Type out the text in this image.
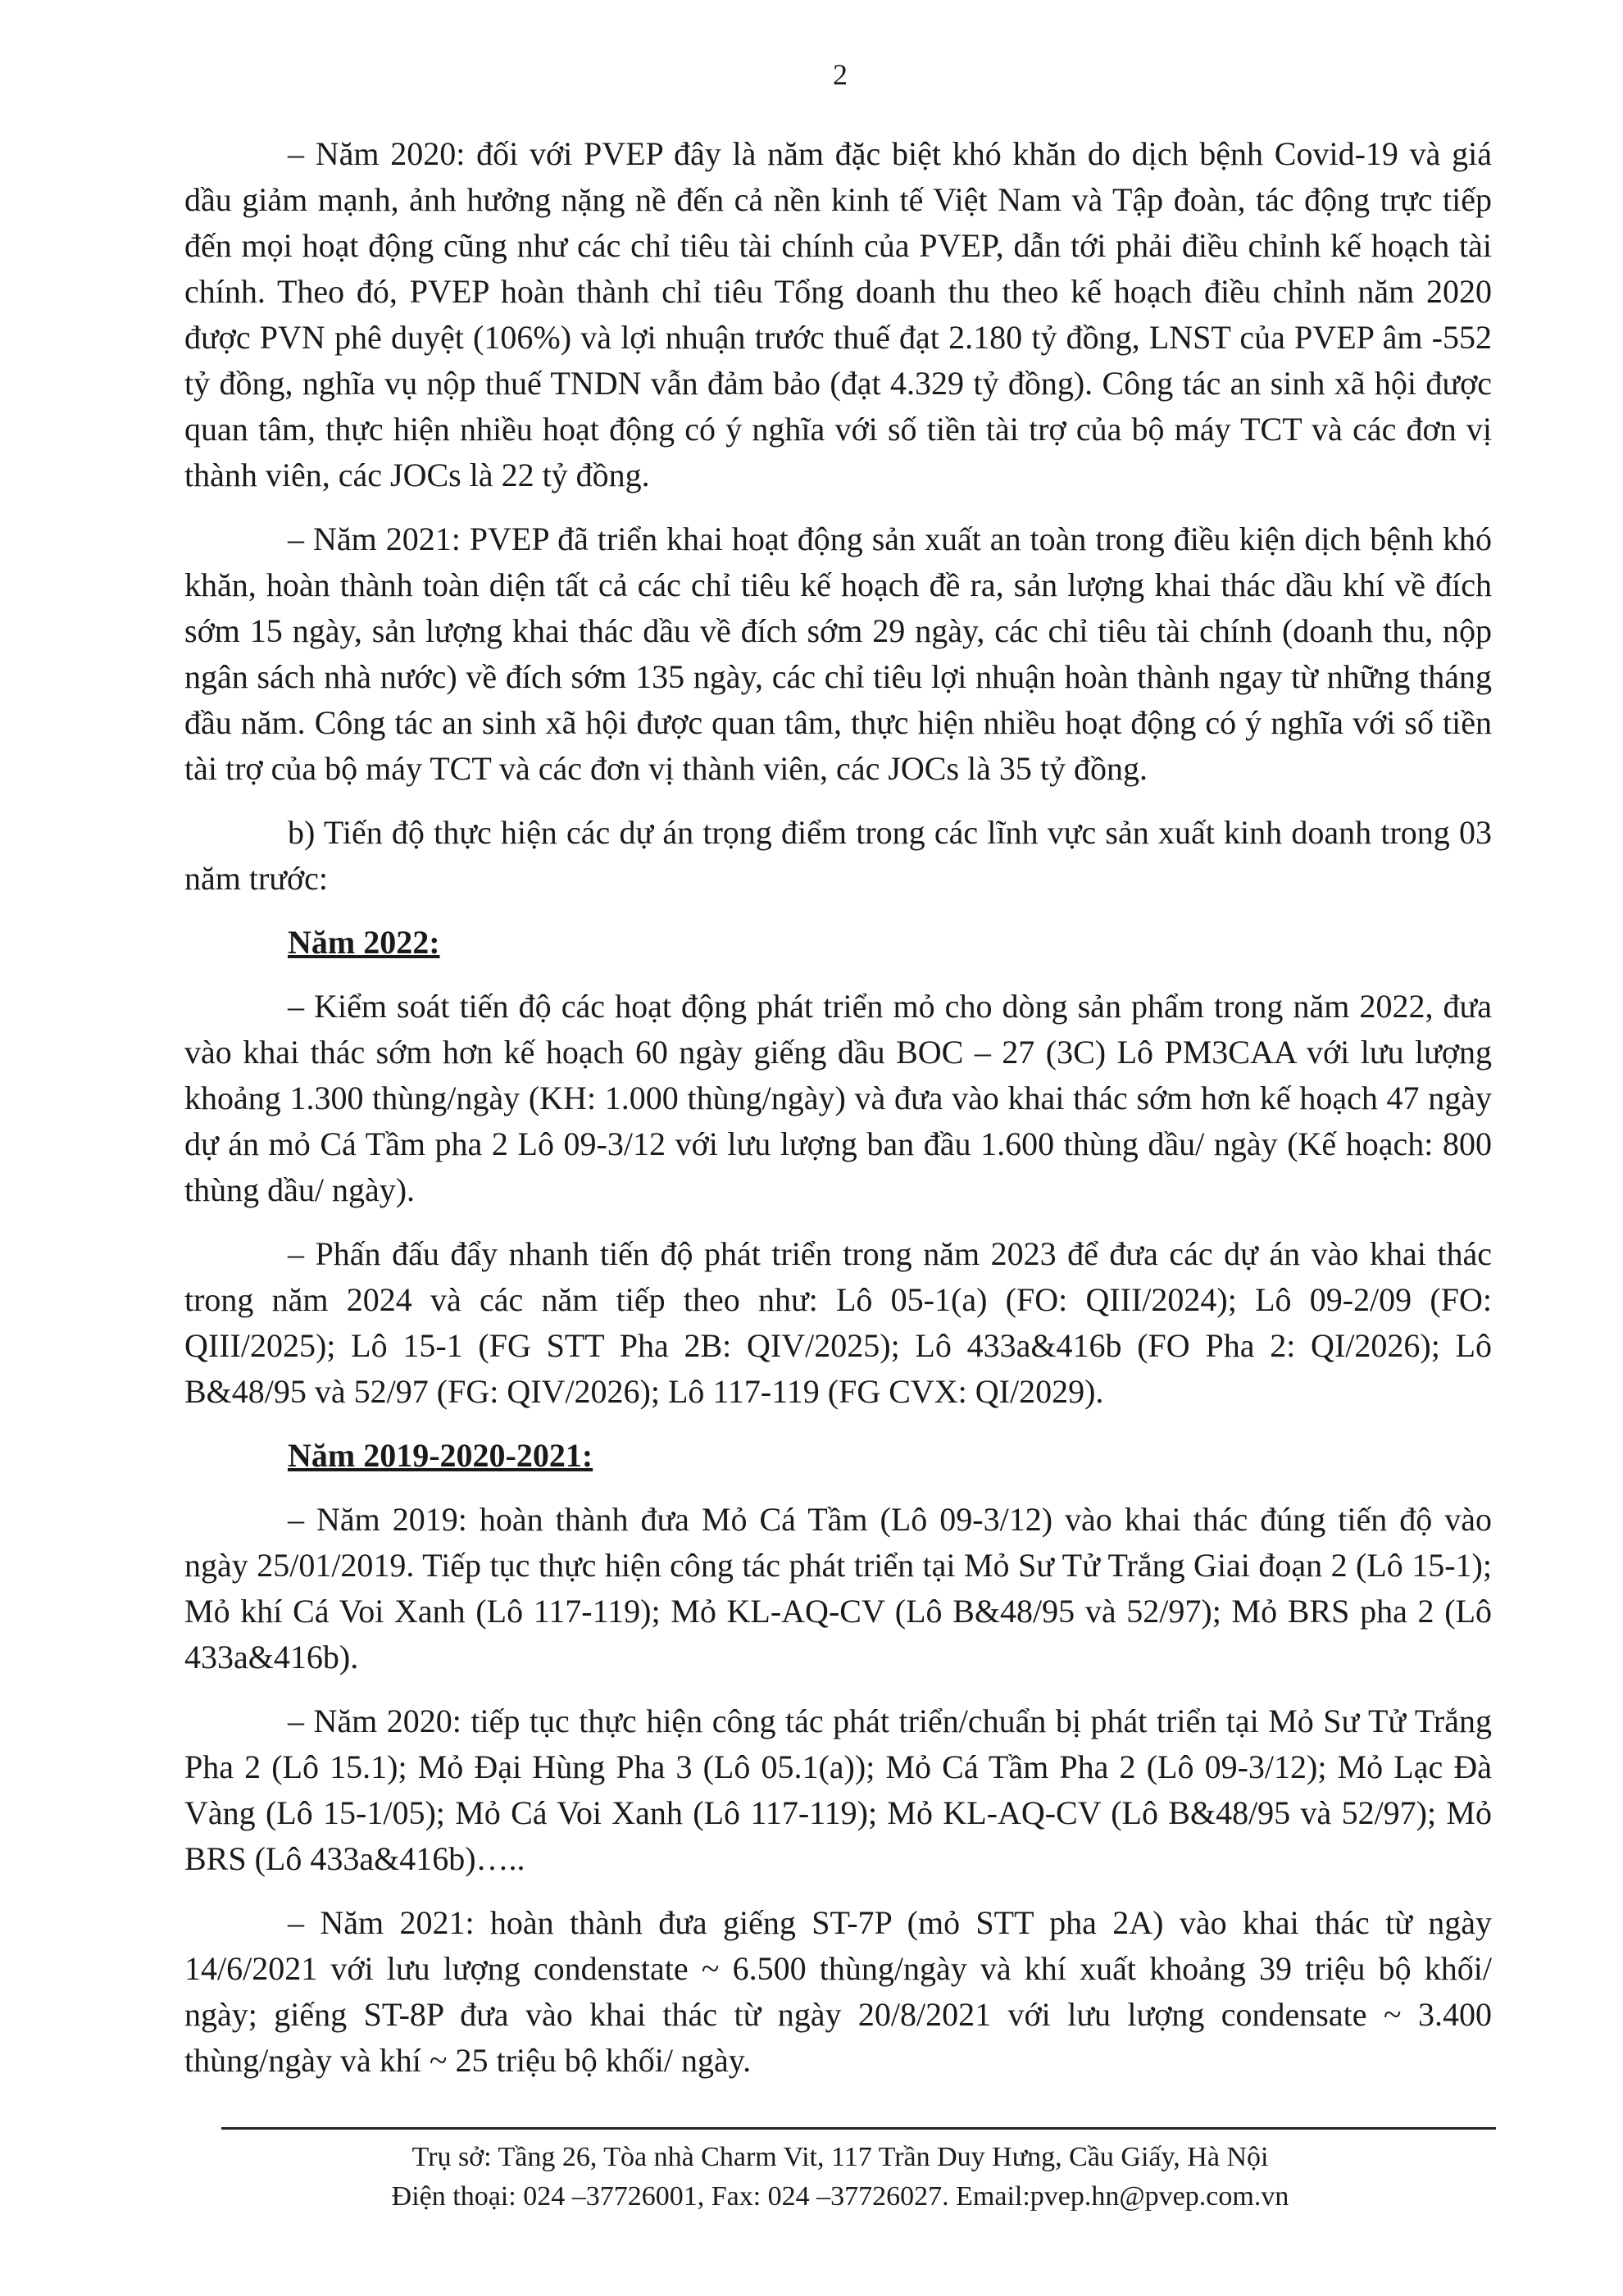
2

– Năm 2020: đối với PVEP đây là năm đặc biệt khó khăn do dịch bệnh Covid-19 và giá dầu giảm mạnh, ảnh hưởng nặng nề đến cả nền kinh tế Việt Nam và Tập đoàn, tác động trực tiếp đến mọi hoạt động cũng như các chỉ tiêu tài chính của PVEP, dẫn tới phải điều chỉnh kế hoạch tài chính. Theo đó, PVEP hoàn thành chỉ tiêu Tổng doanh thu theo kế hoạch điều chỉnh năm 2020 được PVN phê duyệt (106%) và lợi nhuận trước thuế đạt 2.180 tỷ đồng, LNST của PVEP âm -552 tỷ đồng, nghĩa vụ nộp thuế TNDN vẫn đảm bảo (đạt 4.329 tỷ đồng). Công tác an sinh xã hội được quan tâm, thực hiện nhiều hoạt động có ý nghĩa với số tiền tài trợ của bộ máy TCT và các đơn vị thành viên, các JOCs là 22 tỷ đồng.

– Năm 2021: PVEP đã triển khai hoạt động sản xuất an toàn trong điều kiện dịch bệnh khó khăn, hoàn thành toàn diện tất cả các chỉ tiêu kế hoạch đề ra, sản lượng khai thác dầu khí về đích sớm 15 ngày, sản lượng khai thác dầu về đích sớm 29 ngày, các chỉ tiêu tài chính (doanh thu, nộp ngân sách nhà nước) về đích sớm 135 ngày, các chỉ tiêu lợi nhuận hoàn thành ngay từ những tháng đầu năm. Công tác an sinh xã hội được quan tâm, thực hiện nhiều hoạt động có ý nghĩa với số tiền tài trợ của bộ máy TCT và các đơn vị thành viên, các JOCs là 35 tỷ đồng.

b) Tiến độ thực hiện các dự án trọng điểm trong các lĩnh vực sản xuất kinh doanh trong 03 năm trước:

Năm 2022:

– Kiểm soát tiến độ các hoạt động phát triển mỏ cho dòng sản phẩm trong năm 2022, đưa vào khai thác sớm hơn kế hoạch 60 ngày giếng dầu BOC – 27 (3C) Lô PM3CAA với lưu lượng khoảng 1.300 thùng/ngày (KH: 1.000 thùng/ngày) và đưa vào khai thác sớm hơn kế hoạch 47 ngày dự án mỏ Cá Tầm pha 2 Lô 09-3/12 với lưu lượng ban đầu 1.600 thùng dầu/ ngày (Kế hoạch: 800 thùng dầu/ ngày).

– Phấn đấu đẩy nhanh tiến độ phát triển trong năm 2023 để đưa các dự án vào khai thác trong năm 2024 và các năm tiếp theo như: Lô 05-1(a) (FO: QIII/2024); Lô 09-2/09 (FO: QIII/2025); Lô 15-1 (FG STT Pha 2B: QIV/2025); Lô 433a&416b (FO Pha 2: QI/2026); Lô B&48/95 và 52/97 (FG: QIV/2026); Lô 117-119 (FG CVX: QI/2029).

Năm 2019-2020-2021:

– Năm 2019: hoàn thành đưa Mỏ Cá Tầm (Lô 09-3/12) vào khai thác đúng tiến độ vào ngày 25/01/2019. Tiếp tục thực hiện công tác phát triển tại Mỏ Sư Tử Trắng Giai đoạn 2 (Lô 15-1); Mỏ khí Cá Voi Xanh (Lô 117-119); Mỏ KL-AQ-CV (Lô B&48/95 và 52/97); Mỏ BRS pha 2 (Lô 433a&416b).

– Năm 2020: tiếp tục thực hiện công tác phát triển/chuẩn bị phát triển tại Mỏ Sư Tử Trắng Pha 2 (Lô 15.1); Mỏ Đại Hùng Pha 3 (Lô 05.1(a)); Mỏ Cá Tầm Pha 2 (Lô 09-3/12); Mỏ Lạc Đà Vàng (Lô 15-1/05); Mỏ Cá Voi Xanh (Lô 117-119); Mỏ KL-AQ-CV (Lô B&48/95 và 52/97); Mỏ BRS (Lô 433a&416b)…..

– Năm 2021: hoàn thành đưa giếng ST-7P (mỏ STT pha 2A) vào khai thác từ ngày 14/6/2021 với lưu lượng condenstate ~ 6.500 thùng/ngày và khí xuất khoảng 39 triệu bộ khối/ ngày; giếng ST-8P đưa vào khai thác từ ngày 20/8/2021 với lưu lượng condensate ~ 3.400 thùng/ngày và khí ~ 25 triệu bộ khối/ ngày.

Trụ sở: Tầng 26, Tòa nhà Charm Vit, 117 Trần Duy Hưng, Cầu Giấy, Hà Nội
Điện thoại: 024 –37726001, Fax: 024 –37726027. Email:pvep.hn@pvep.com.vn
